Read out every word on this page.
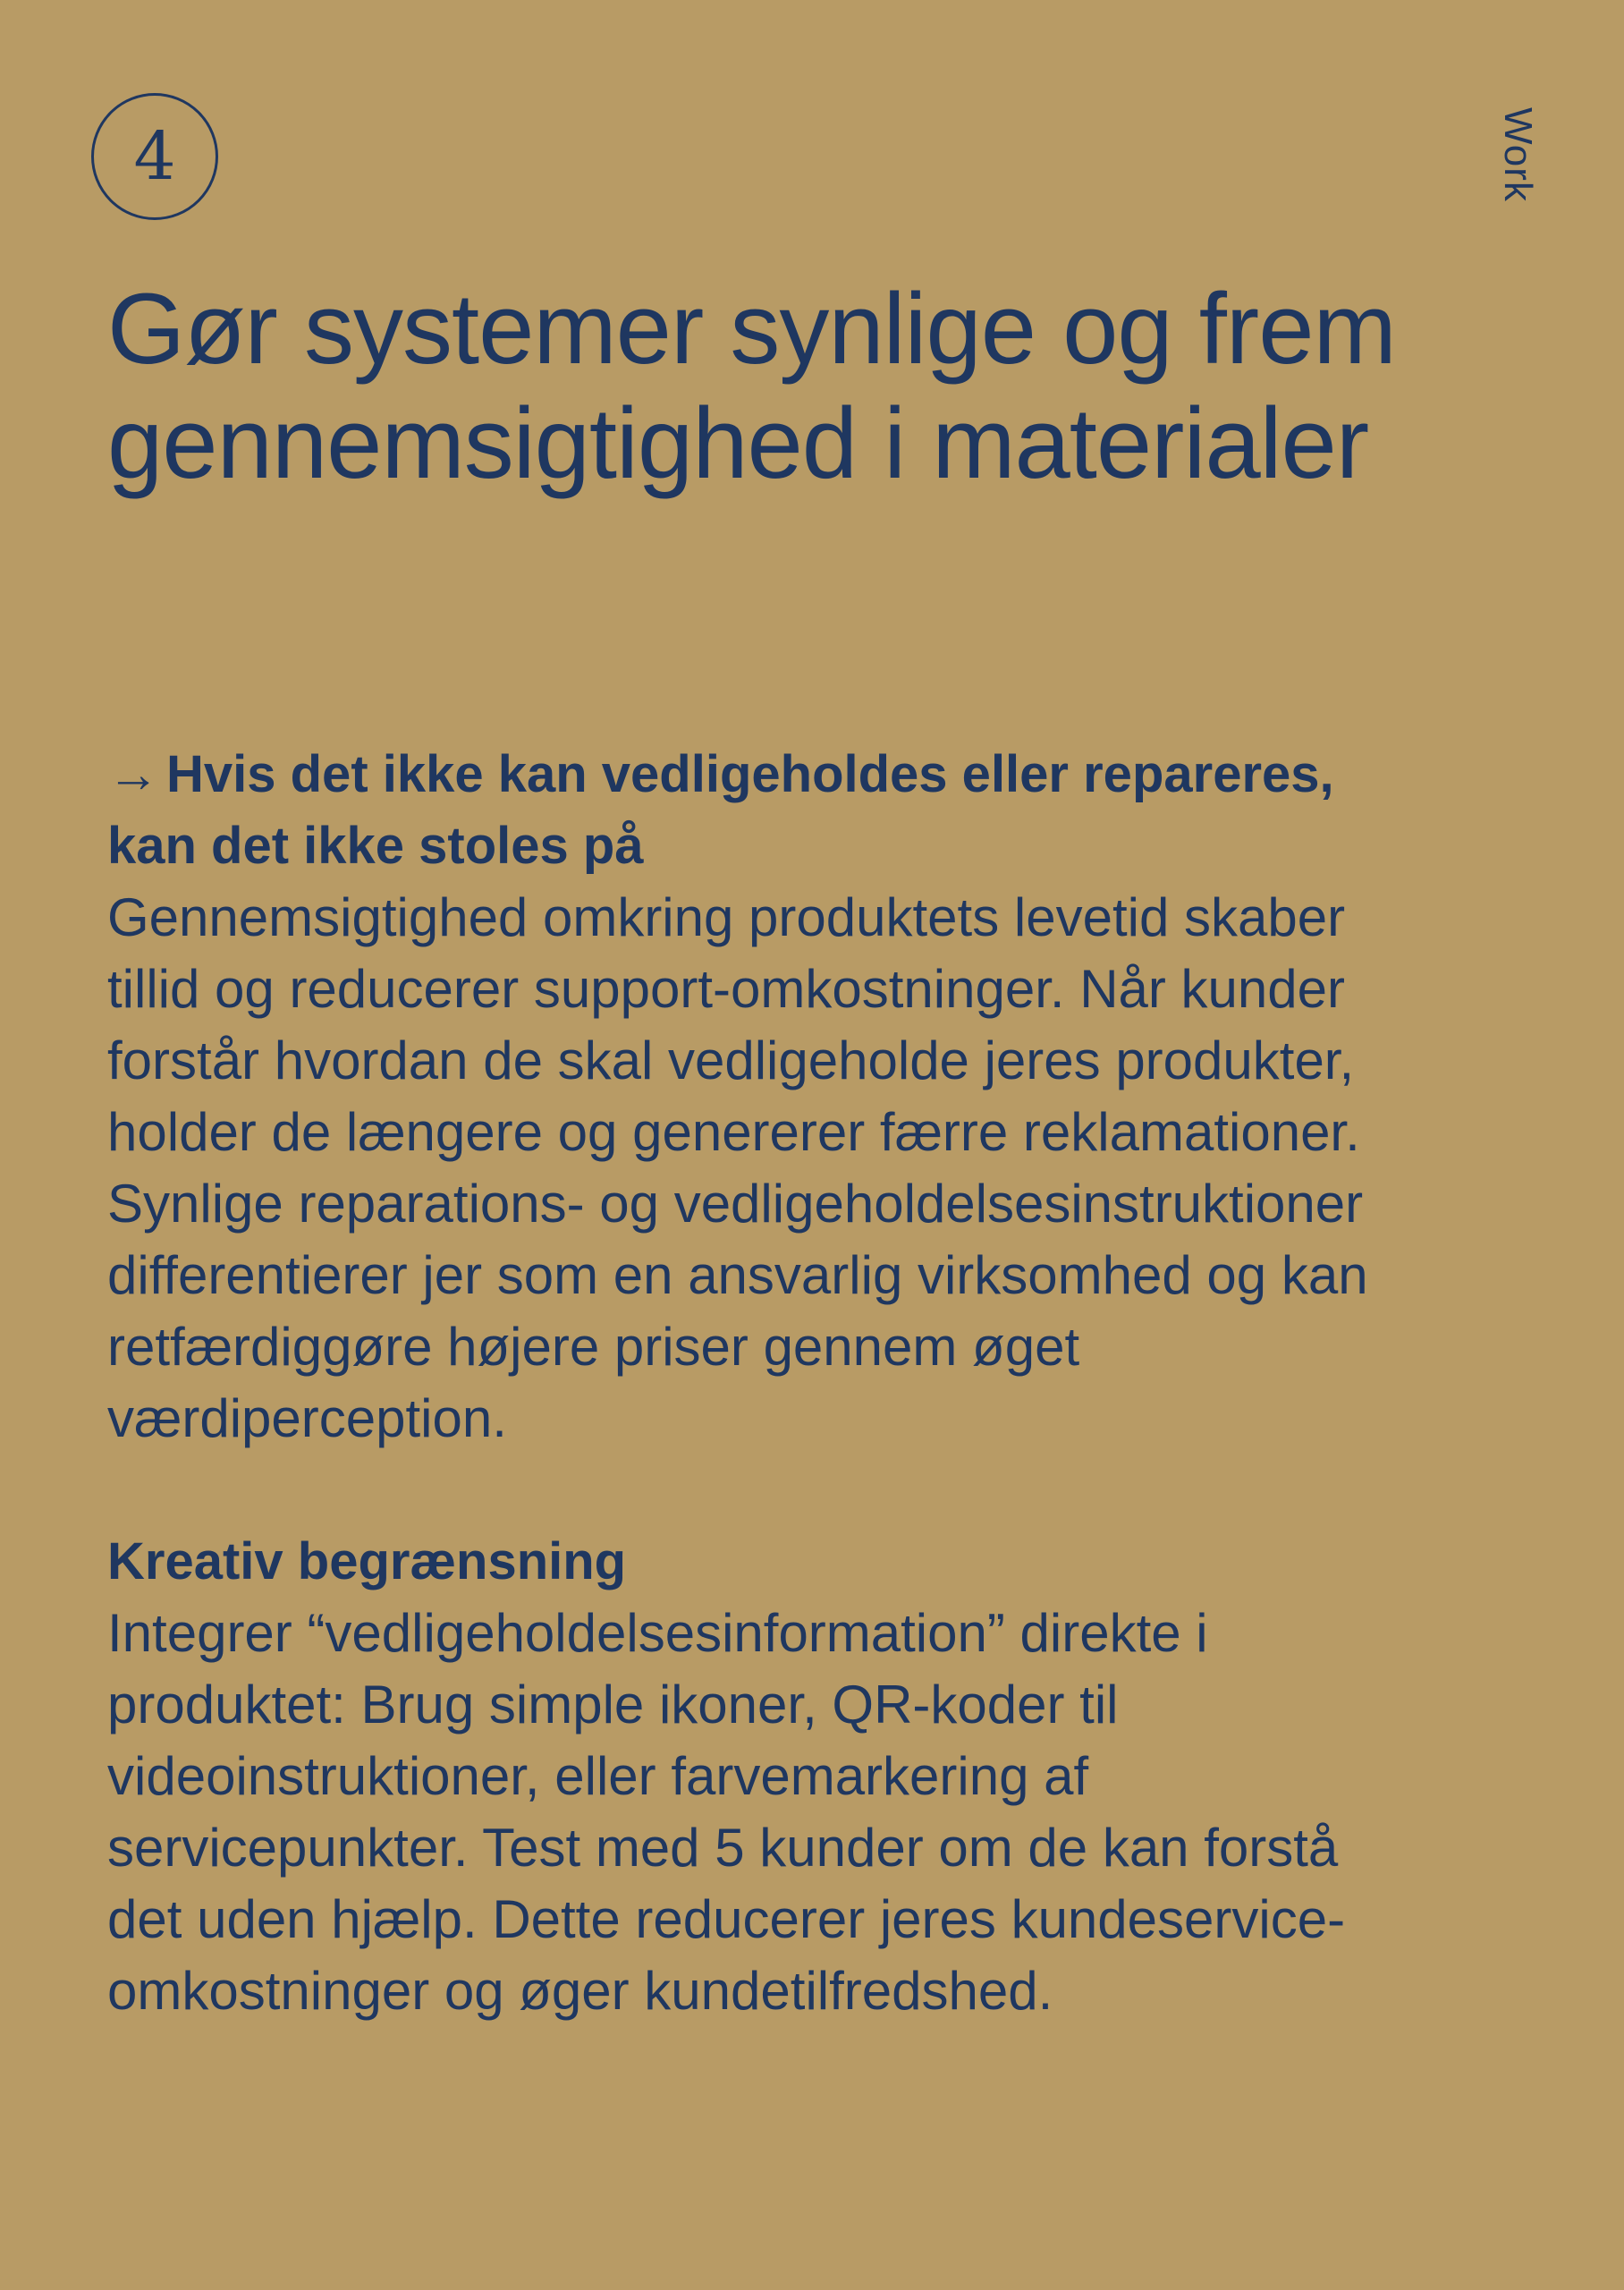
4	Work
Gør systemer synlige og frem gennemsigtighed i materialer

→ Hvis det ikke kan vedligeholdes eller repareres, kan det ikke stoles på

Gennemsigtighed omkring produktets levetid skaber tillid og reducerer support-omkostninger. Når kunder forstår hvordan de skal vedligeholde jeres produkter, holder de længere og genererer færre reklamationer. Synlige reparations- og vedligeholdelsesinstruktioner differentierer jer som en ansvarlig virksomhed og kan retfærdiggøre højere priser gennem øget værdiperception.

Kreativ begrænsning

Integrer “vedligeholdelsesinformation” direkte i produktet: Brug simple ikoner, QR-koder til videoinstruktioner, eller farvemarkering af servicepunkter. Test med 5 kunder om de kan forstå det uden hjælp. Dette reducerer jeres kundeservice-omkostninger og øger kundetilfredshed.
